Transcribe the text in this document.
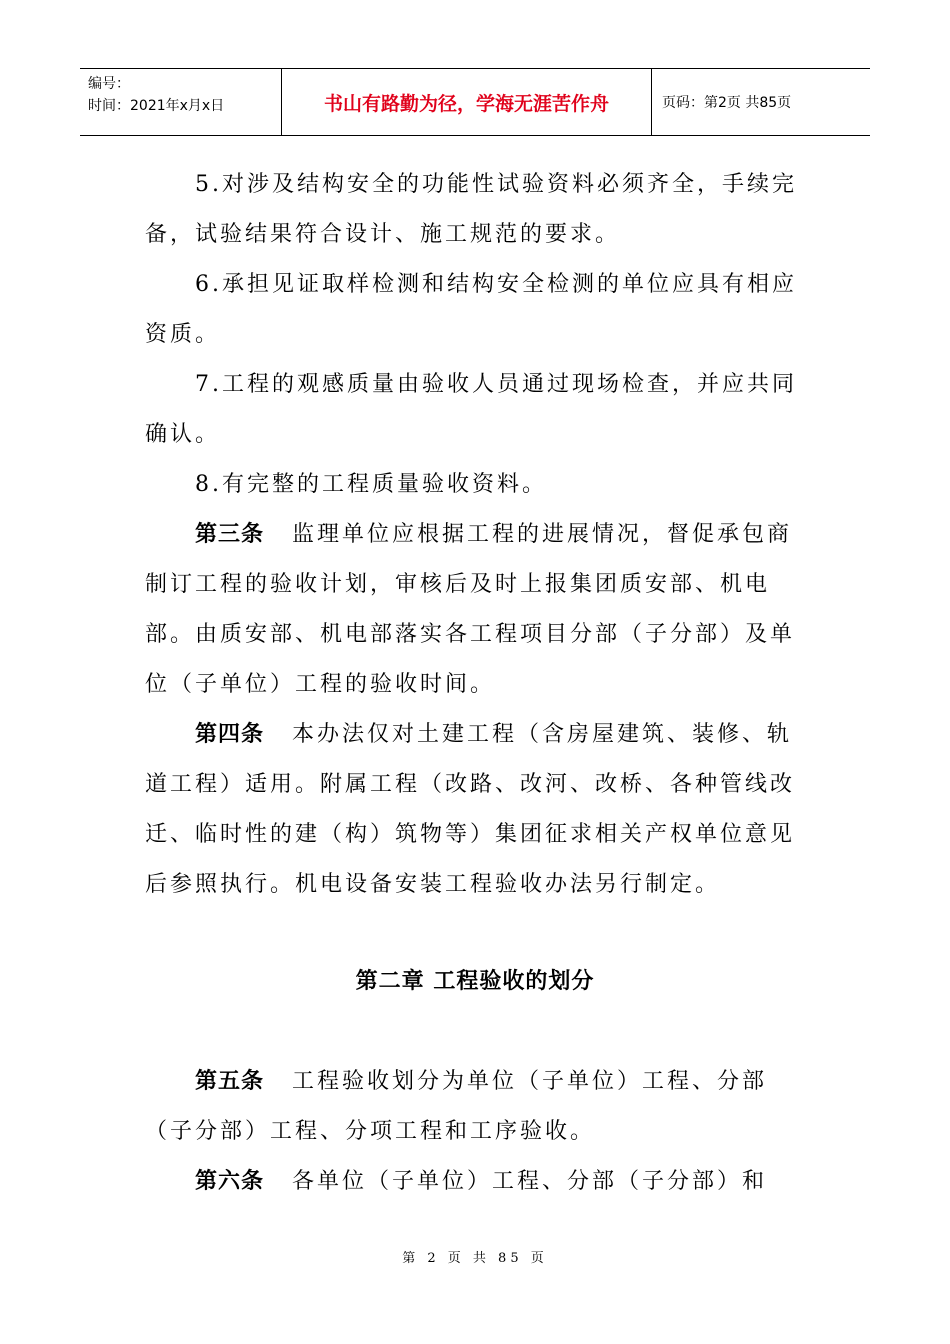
编号：
时间：2021年x月x日	书山有路勤为径，学海无涯苦作舟	页码：第2页 共85页

5.对涉及结构安全的功能性试验资料必须齐全，手续完备，试验结果符合设计、施工规范的要求。

6.承担见证取样检测和结构安全检测的单位应具有相应资质。

7.工程的观感质量由验收人员通过现场检查，并应共同确认。

8.有完整的工程质量验收资料。

第三条 监理单位应根据工程的进展情况，督促承包商制订工程的验收计划，审核后及时上报集团质安部、机电部。由质安部、机电部落实各工程项目分部（子分部）及单位（子单位）工程的验收时间。

第四条 本办法仅对土建工程（含房屋建筑、装修、轨道工程）适用。附属工程（改路、改河、改桥、各种管线改迁、临时性的建（构）筑物等）集团征求相关产权单位意见后参照执行。机电设备安装工程验收办法另行制定。

第二章 工程验收的划分

第五条 工程验收划分为单位（子单位）工程、分部（子分部）工程、分项工程和工序验收。

第六条 各单位（子单位）工程、分部（子分部）和

第 2 页 共 85 页
